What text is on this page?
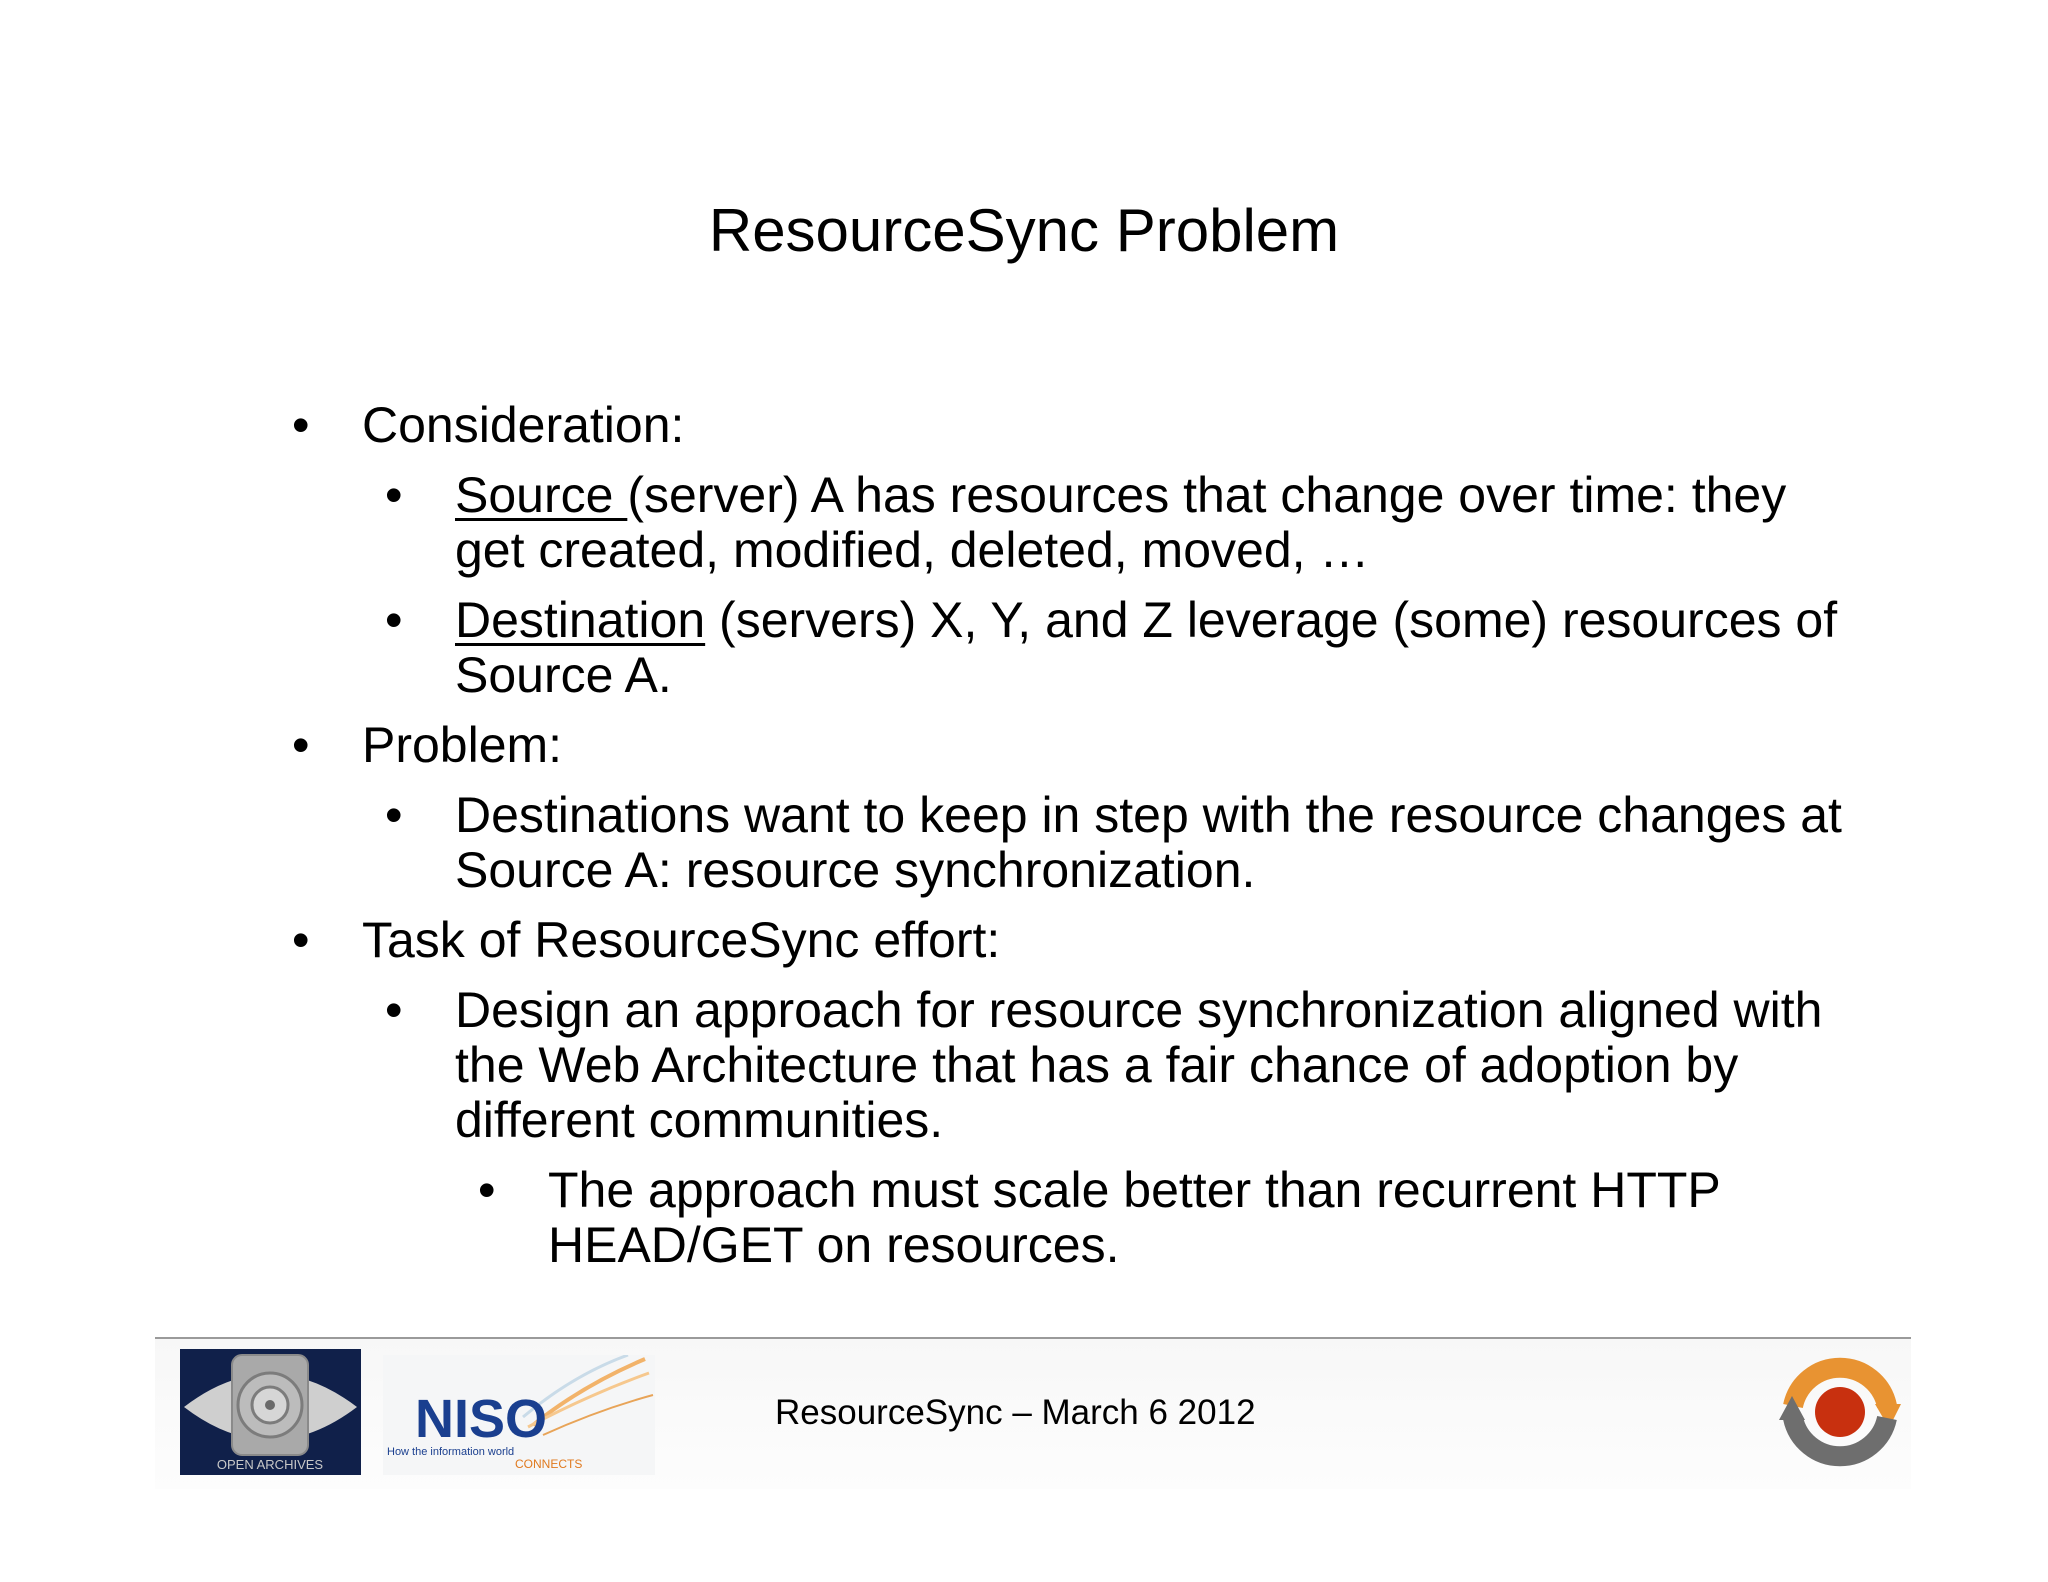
ResourceSync Problem
• Consideration:
• Source (server) A has resources that change over time: they get created, modified, deleted, moved, …
• Destination (servers) X, Y, and Z leverage (some) resources of Source A.
• Problem:
• Destinations want to keep in step with the resource changes at Source A: resource synchronization.
• Task of ResourceSync effort:
• Design an approach for resource synchronization aligned with the Web Architecture that has a fair chance of adoption by different communities.
• The approach must scale better than recurrent HTTP HEAD/GET on resources.
OPEN ARCHIVES
NISO
How the information world
CONNECTS
ResourceSync – March 6 2012
